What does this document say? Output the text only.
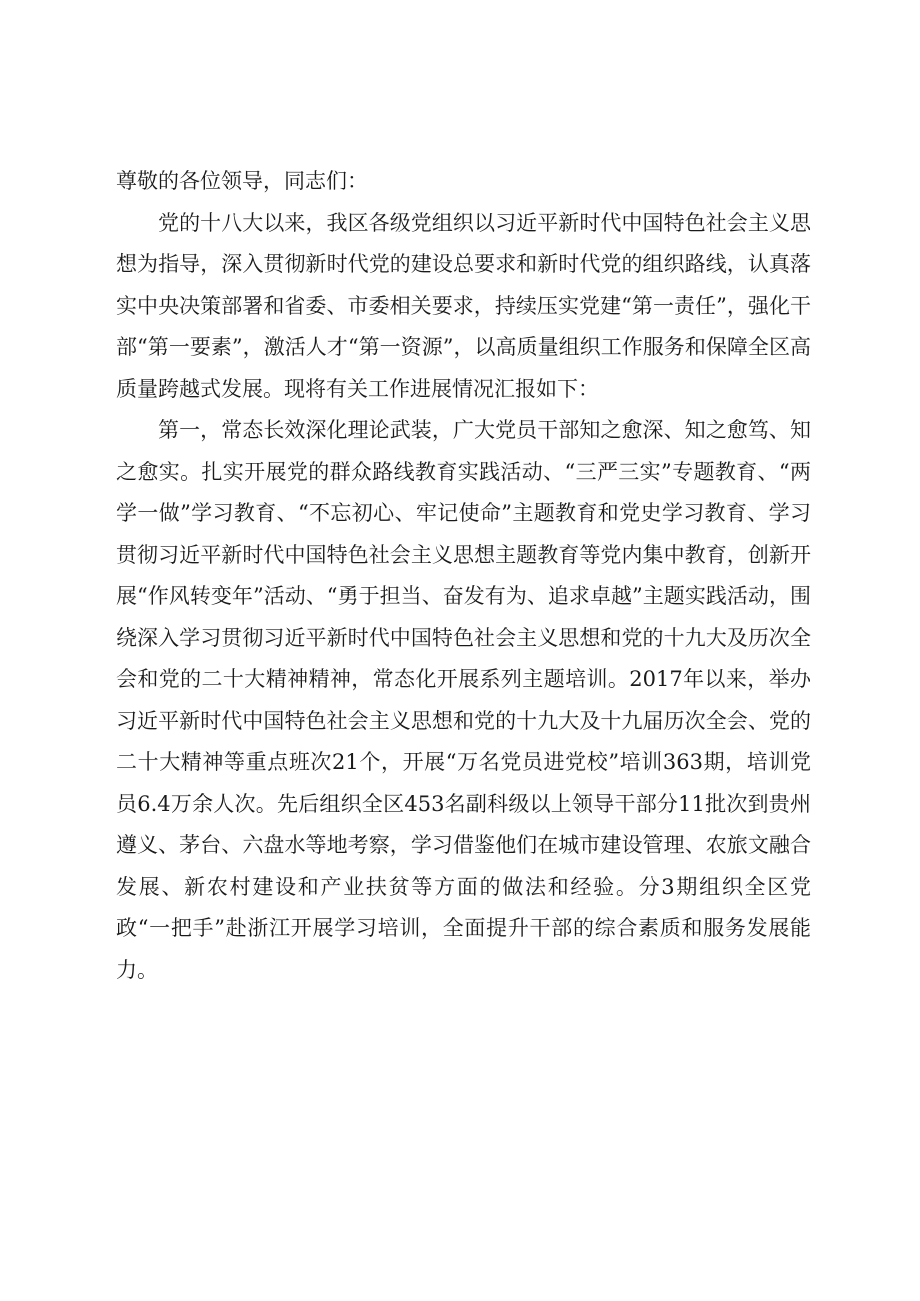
尊敬的各位领导，同志们：

党的十八大以来，我区各级党组织以习近平新时代中国特色社会主义思想为指导，深入贯彻新时代党的建设总要求和新时代党的组织路线，认真落实中央决策部署和省委、市委相关要求，持续压实党建“第一责任”，强化干部“第一要素”，激活人才“第一资源”，以高质量组织工作服务和保障全区高质量跨越式发展。现将有关工作进展情况汇报如下：

第一，常态长效深化理论武装，广大党员干部知之愈深、知之愈笃、知之愈实。扎实开展党的群众路线教育实践活动、“三严三实”专题教育、“两学一做”学习教育、“不忘初心、牢记使命”主题教育和党史学习教育、学习贯彻习近平新时代中国特色社会主义思想主题教育等党内集中教育，创新开展“作风转变年”活动、“勇于担当、奋发有为、追求卓越”主题实践活动，围绕深入学习贯彻习近平新时代中国特色社会主义思想和党的十九大及历次全会和党的二十大精神精神，常态化开展系列主题培训。2017年以来，举办习近平新时代中国特色社会主义思想和党的十九大及十九届历次全会、党的二十大精神等重点班次21个，开展“万名党员进党校”培训363期，培训党员6.4万余人次。先后组织全区453名副科级以上领导干部分11批次到贵州遵义、茅台、六盘水等地考察，学习借鉴他们在城市建设管理、农旅文融合发展、新农村建设和产业扶贫等方面的做法和经验。分3期组织全区党政“一把手”赴浙江开展学习培训，全面提升干部的综合素质和服务发展能力。
